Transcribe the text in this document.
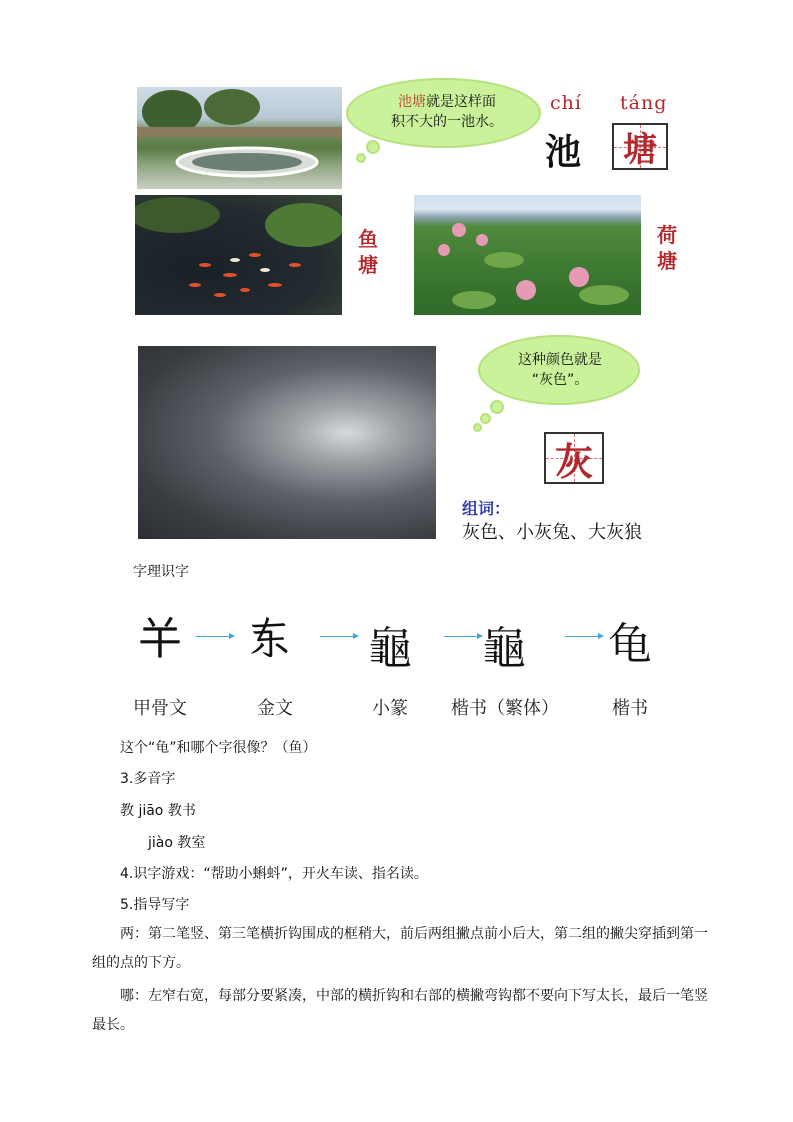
池塘就是这样面
积不大的一池水。
chí táng
池 塘
鱼
塘
荷
塘
这种颜色就是
“灰色”。
灰
组词：
灰色、小灰兔、大灰狼
字理识字
𢆉 𫠣 龜 龜 龟
甲骨文	金文	小篆	楷书（繁体）	楷书
这个“龟”和哪个字很像？（鱼）
3.多音字
教 jiāo 教书
jiào 教室
4.识字游戏：“帮助小蝌蚪”，开火车读、指名读。
5.指导写字
两：第二笔竖、第三笔横折钩围成的框稍大，前后两组撇点前小后大，第二组的撇尖穿插到第一组的点的下方。
哪：左窄右宽，每部分要紧凑，中部的横折钩和右部的横撇弯钩都不要向下写太长，最后一笔竖最长。
